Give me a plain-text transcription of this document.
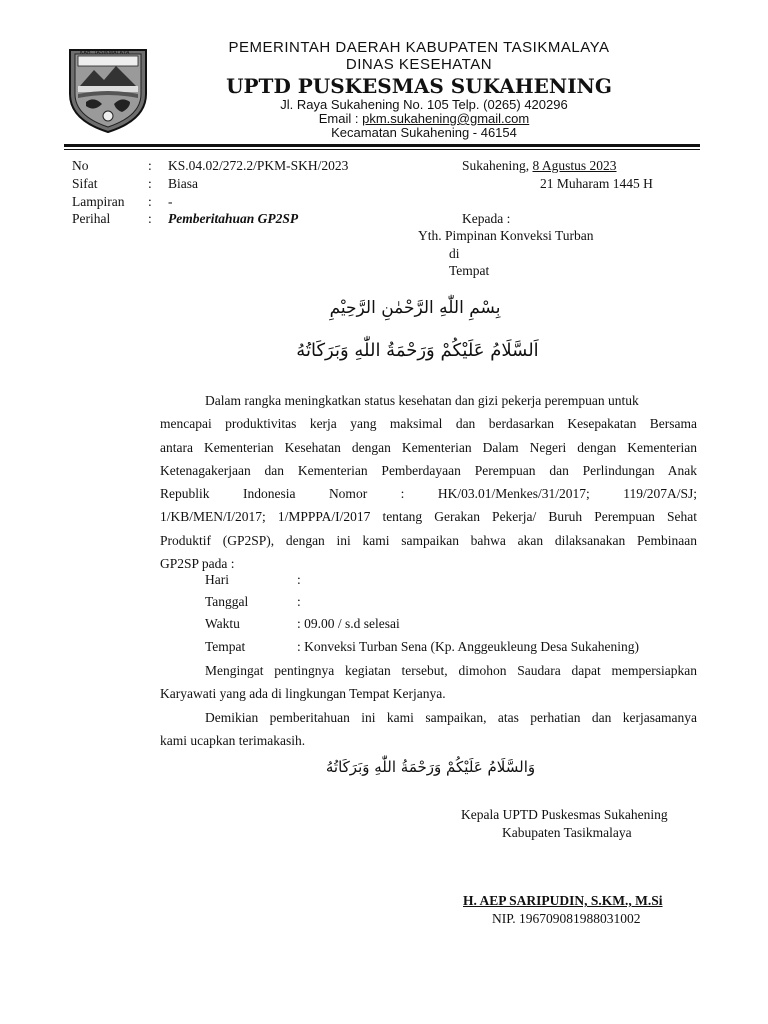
KAB. TASIKMALAYA	PEMERINTAH DAERAH KABUPATEN TASIKMALAYA
DINAS KESEHATAN
UPTD PUSKESMAS SUKAHENING
Jl. Raya Sukahening No. 105 Telp. (0265) 420296
Email : pkm.sukahening@gmail.com
Kecamatan Sukahening - 46154
No	: KS.04.02/272.2/PKM-SKH/2023
Sifat	: Biasa
Lampiran : -
Perihal	: Pemberitahuan GP2SP
Sukahening, 8 Agustus 2023
21 Muharam 1445 H
Kepada :
Yth. Pimpinan Konveksi Turban
di
Tempat
بِسْمِ اللّٰهِ الرَّحْمٰنِ الرَّحِيْمِ
اَلسَّلَامُ عَلَيْكُمْ وَرَحْمَةُ اللّٰهِ وَبَرَكَاتُهُ
Dalam rangka meningkatkan status kesehatan dan gizi pekerja perempuan untuk
mencapai produktivitas kerja yang maksimal dan berdasarkan Kesepakatan Bersama
antara Kementerian Kesehatan dengan Kementerian Dalam Negeri dengan Kementerian
Ketenagakerjaan dan Kementerian Pemberdayaan Perempuan dan Perlindungan Anak
Republik Indonesia Nomor : HK/03.01/Menkes/31/2017; 119/207A/SJ;
1/KB/MEN/I/2017; 1/MPPPA/I/2017 tentang Gerakan Pekerja/ Buruh Perempuan Sehat
Produktif (GP2SP), dengan ini kami sampaikan bahwa akan dilaksanakan Pembinaan
GP2SP pada :
Hari	:
Tanggal	:
Waktu	: 09.00 / s.d selesai
Tempat	: Konveksi Turban Sena (Kp. Anggeukleung Desa Sukahening)
Mengingat pentingnya kegiatan tersebut, dimohon Saudara dapat mempersiapkan
Karyawati yang ada di lingkungan Tempat Kerjanya.
Demikian pemberitahuan ini kami sampaikan, atas perhatian dan kerjasamanya
kami ucapkan terimakasih.
وَالسَّلَامُ عَلَيْكُمْ وَرَحْمَةُ اللّٰهِ وَبَرَكَاتُهُ
Kepala UPTD Puskesmas Sukahening
Kabupaten Tasikmalaya
H. AEP SARIPUDIN, S.KM., M.Si
NIP. 196709081988031002
